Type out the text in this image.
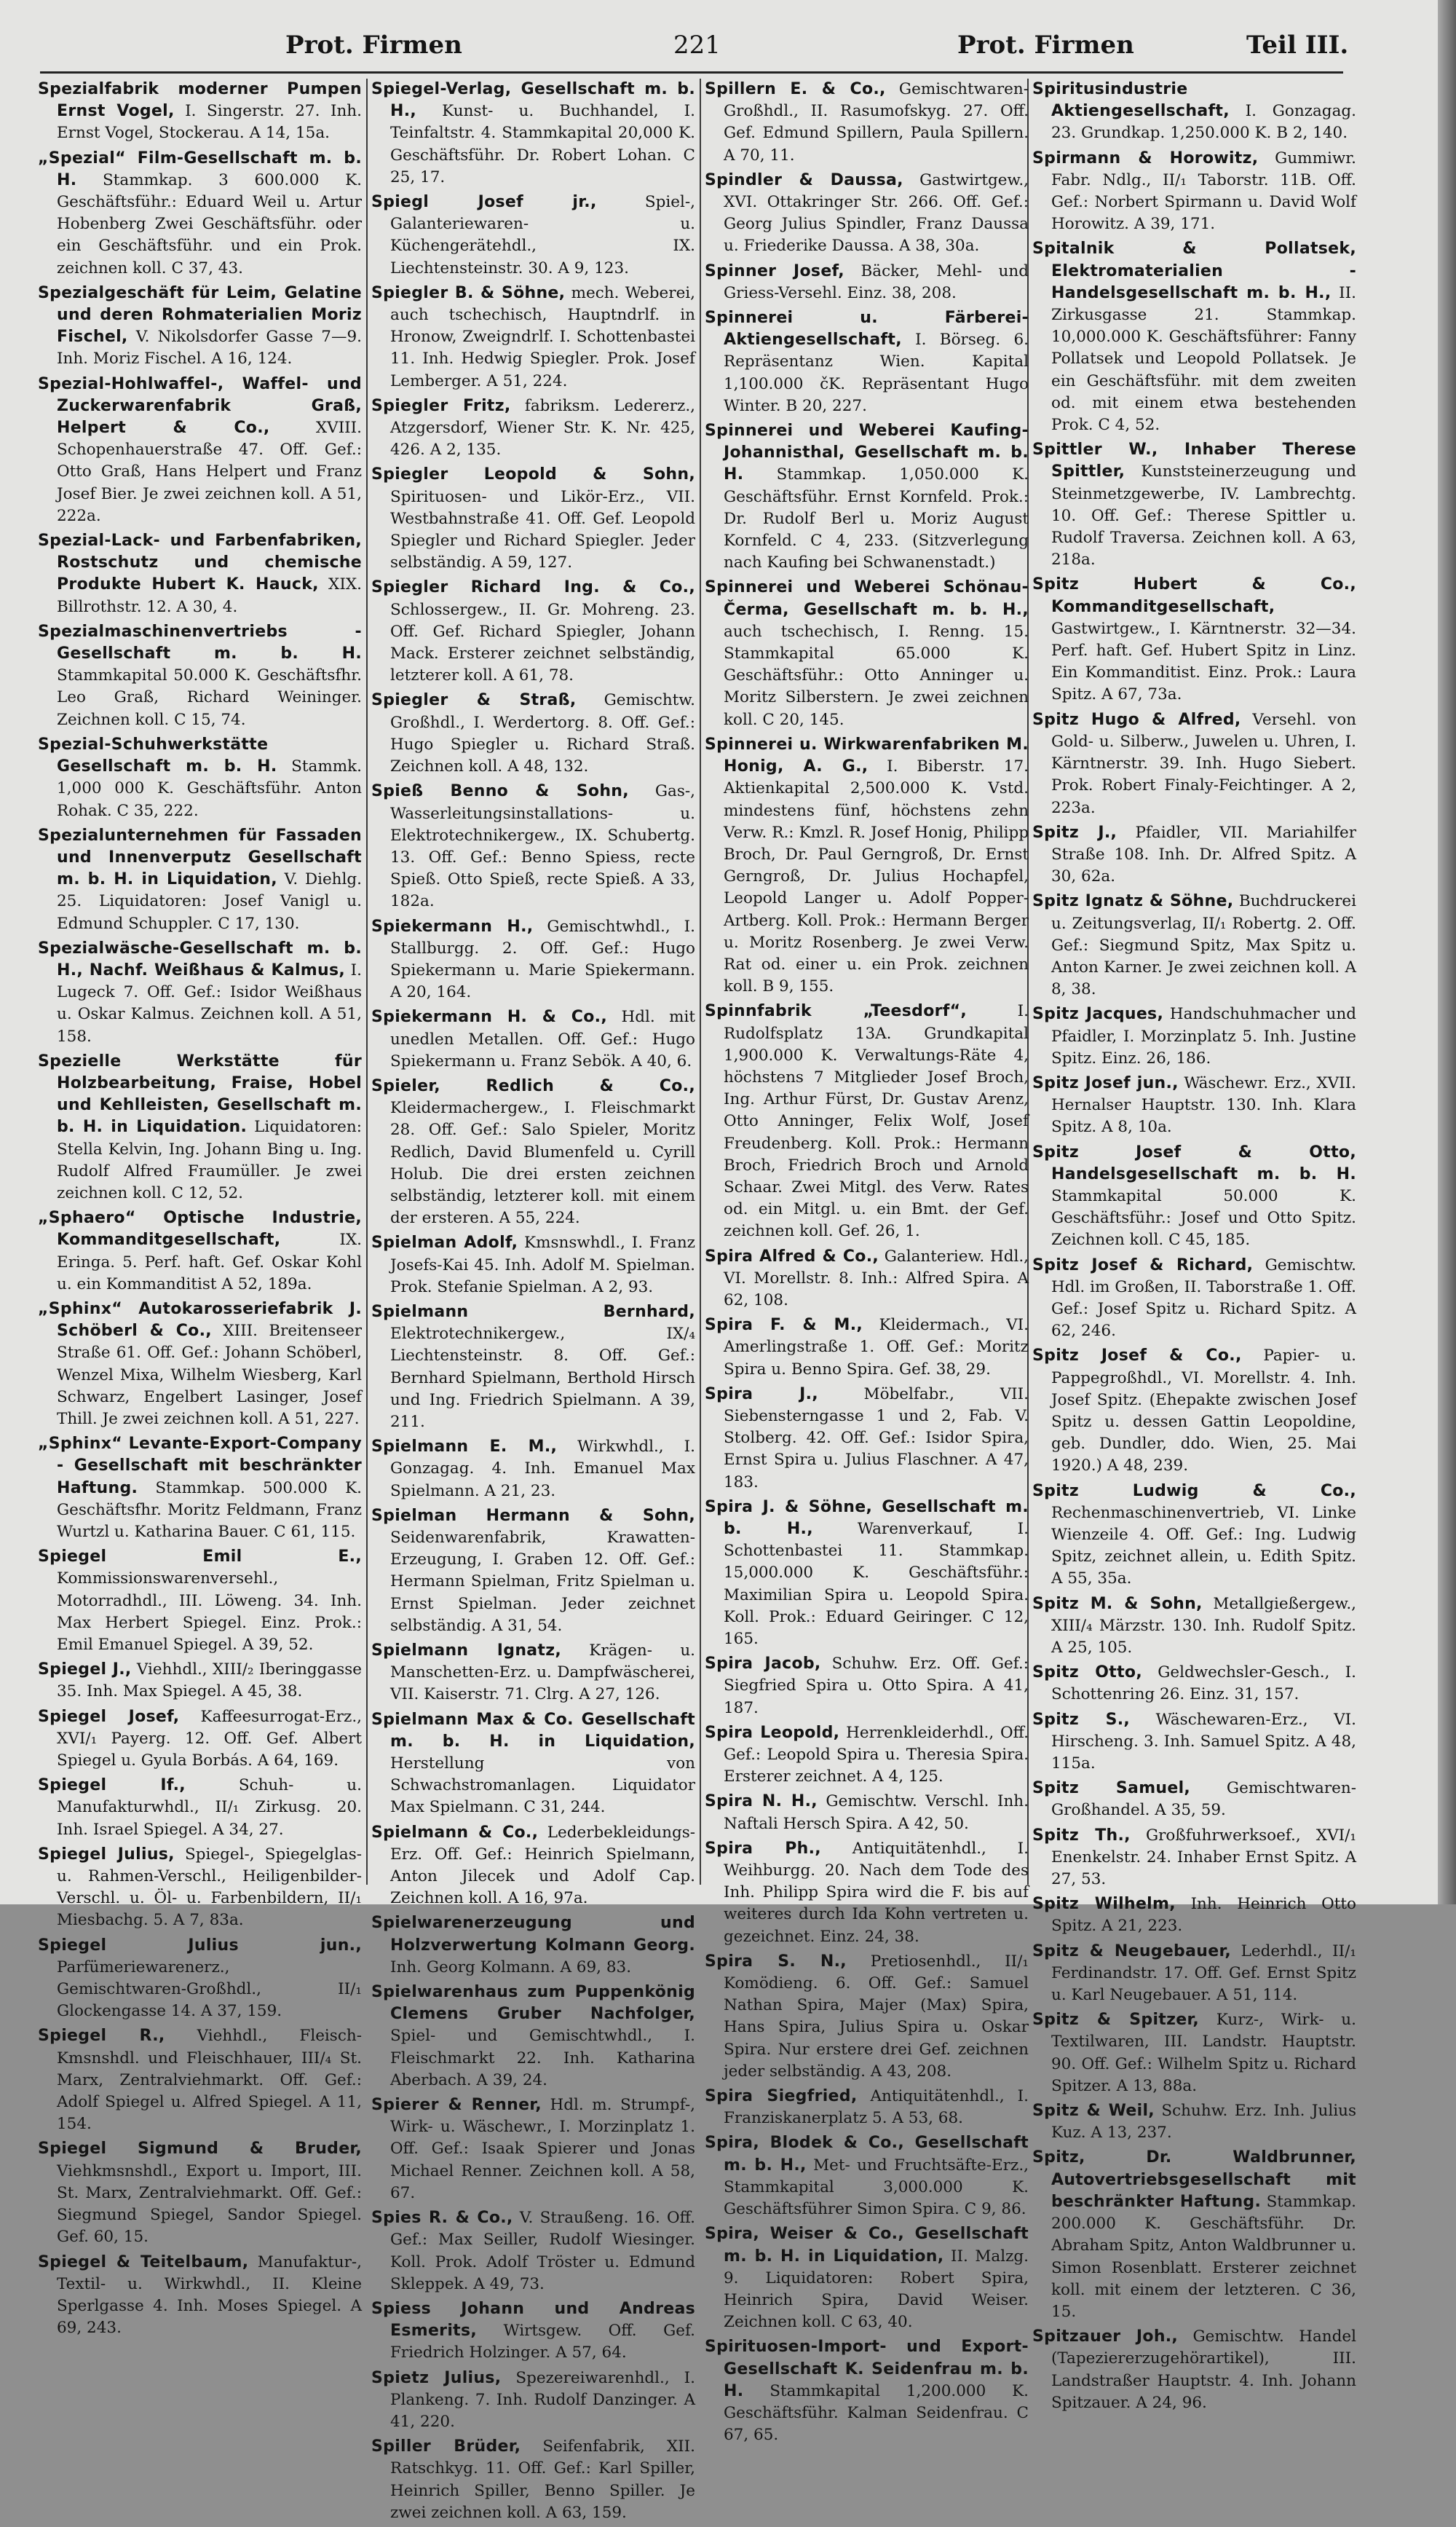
Prot. Firmen	221	Prot. Firmen	Teil III.

Spezialfabrik moderner Pumpen Ernst Vogel, I. Singerstr. 27. Inh. Ernst Vogel, Stockerau. A 14, 15a.

„Spezial“ Film-Gesellschaft m. b. H. Stammkap. 3 600.000 K. Geschäftsführ.: Eduard Weil u. Artur Hobenberg Zwei Geschäftsführ. oder ein Geschäftsführ. und ein Prok. zeichnen koll. C 37, 43.

Spezialgeschäft für Leim, Gelatine und deren Rohmaterialien Moriz Fischel, V. Nikolsdorfer Gasse 7—9. Inh. Moriz Fischel. A 16, 124.

Spezial-Hohlwaffel-, Waffel- und Zuckerwarenfabrik Graß, Helpert & Co., XVIII. Schopenhauerstraße 47. Off. Gef.: Otto Graß, Hans Helpert und Franz Josef Bier. Je zwei zeichnen koll. A 51, 222a.

Spezial-Lack- und Farbenfabriken, Rostschutz und chemische Produkte Hubert K. Hauck, XIX. Billrothstr. 12. A 30, 4.

Spezialmaschinenvertriebs - Gesellschaft m. b. H. Stammkapital 50.000 K. Geschäftsfhr. Leo Graß, Richard Weininger. Zeichnen koll. C 15, 74.

Spezial-Schuhwerkstätte Gesellschaft m. b. H. Stammk. 1,000 000 K. Geschäftsführ. Anton Rohak. C 35, 222.

Spezialunternehmen für Fassaden und Innenverputz Gesellschaft m. b. H. in Liquidation, V. Diehlg. 25. Liquidatoren: Josef Vanigl u. Edmund Schuppler. C 17, 130.

Spezialwäsche-Gesellschaft m. b. H., Nachf. Weißhaus & Kalmus, I. Lugeck 7. Off. Gef.: Isidor Weißhaus u. Oskar Kalmus. Zeichnen koll. A 51, 158.

Spezielle Werkstätte für Holzbearbeitung, Fraise, Hobel und Kehlleisten, Gesellschaft m. b. H. in Liquidation. Liquidatoren: Stella Kelvin, Ing. Johann Bing u. Ing. Rudolf Alfred Fraumüller. Je zwei zeichnen koll. C 12, 52.

„Sphaero“ Optische Industrie, Kommanditgesellschaft, IX. Eringa. 5. Perf. haft. Gef. Oskar Kohl u. ein Kommanditist A 52, 189a.

„Sphinx“ Autokarosseriefabrik J. Schöberl & Co., XIII. Breitenseer Straße 61. Off. Gef.: Johann Schöberl, Wenzel Mixa, Wilhelm Wiesberg, Karl Schwarz, Engelbert Lasinger, Josef Thill. Je zwei zeichnen koll. A 51, 227.

„Sphinx“ Levante-Export-Company - Gesellschaft mit beschränkter Haftung. Stammkap. 500.000 K. Geschäftsfhr. Moritz Feldmann, Franz Wurtzl u. Katharina Bauer. C 61, 115.

Spiegel Emil E., Kommissionswarenversehl., Motorradhdl., III. Löweng. 34. Inh. Max Herbert Spiegel. Einz. Prok.: Emil Emanuel Spiegel. A 39, 52.

Spiegel J., Viehhdl., XIII/₂ Iberinggasse 35. Inh. Max Spiegel. A 45, 38.

Spiegel Josef, Kaffeesurrogat-Erz., XVI/₁ Payerg. 12. Off. Gef. Albert Spiegel u. Gyula Borbás. A 64, 169.

Spiegel If., Schuh- u. Manufakturwhdl., II/₁ Zirkusg. 20. Inh. Israel Spiegel. A 34, 27.

Spiegel Julius, Spiegel-, Spiegelglas- u. Rahmen-Verschl., Heiligenbilder-Verschl. u. Öl- u. Farbenbildern, II/₁ Miesbachg. 5. A 7, 83a.

Spiegel Julius jun., Parfümeriewarenerz., Gemischtwaren-Großhdl., II/₁ Glockengasse 14. A 37, 159.

Spiegel R., Viehhdl., Fleisch-Kmsnshdl. und Fleischhauer, III/₄ St. Marx, Zentralviehmarkt. Off. Gef.: Adolf Spiegel u. Alfred Spiegel. A 11, 154.

Spiegel Sigmund & Bruder, Viehkmsnshdl., Export u. Import, III. St. Marx, Zentralviehmarkt. Off. Gef.: Siegmund Spiegel, Sandor Spiegel. Gef. 60, 15.

Spiegel & Teitelbaum, Manufaktur-, Textil- u. Wirkwhdl., II. Kleine Sperlgasse 4. Inh. Moses Spiegel. A 69, 243.

Spiegel-Verlag, Gesellschaft m. b. H., Kunst- u. Buchhandel, I. Teinfaltstr. 4. Stammkapital 20,000 K. Geschäftsführ. Dr. Robert Lohan. C 25, 17.

Spiegl Josef jr., Spiel-, Galanteriewaren- u. Küchengerätehdl., IX. Liechtensteinstr. 30. A 9, 123.

Spiegler B. & Söhne, mech. Weberei, auch tschechisch, Hauptndrlf. in Hronow, Zweigndrlf. I. Schottenbastei 11. Inh. Hedwig Spiegler. Prok. Josef Lemberger. A 51, 224.

Spiegler Fritz, fabriksm. Ledererz., Atzgersdorf, Wiener Str. K. Nr. 425, 426. A 2, 135.

Spiegler Leopold & Sohn, Spirituosen- und Likör-Erz., VII. Westbahnstraße 41. Off. Gef. Leopold Spiegler und Richard Spiegler. Jeder selbständig. A 59, 127.

Spiegler Richard Ing. & Co., Schlossergew., II. Gr. Mohreng. 23. Off. Gef. Richard Spiegler, Johann Mack. Ersterer zeichnet selbständig, letzterer koll. A 61, 78.

Spiegler & Straß, Gemischtw. Großhdl., I. Werdertorg. 8. Off. Gef.: Hugo Spiegler u. Richard Straß. Zeichnen koll. A 48, 132.

Spieß Benno & Sohn, Gas-, Wasserleitungsinstallations- u. Elektrotechnikergew., IX. Schubertg. 13. Off. Gef.: Benno Spiess, recte Spieß. Otto Spieß, recte Spieß. A 33, 182a.

Spiekermann H., Gemischtwhdl., I. Stallburgg. 2. Off. Gef.: Hugo Spiekermann u. Marie Spiekermann. A 20, 164.

Spiekermann H. & Co., Hdl. mit unedlen Metallen. Off. Gef.: Hugo Spiekermann u. Franz Sebök. A 40, 6.

Spieler, Redlich & Co., Kleidermachergew., I. Fleischmarkt 28. Off. Gef.: Salo Spieler, Moritz Redlich, David Blumenfeld u. Cyrill Holub. Die drei ersten zeichnen selbständig, letzterer koll. mit einem der ersteren. A 55, 224.

Spielman Adolf, Kmsnswhdl., I. Franz Josefs-Kai 45. Inh. Adolf M. Spielman. Prok. Stefanie Spielman. A 2, 93.

Spielmann Bernhard, Elektrotechnikergew., IX/₄ Liechtensteinstr. 8. Off. Gef.: Bernhard Spielmann, Berthold Hirsch und Ing. Friedrich Spielmann. A 39, 211.

Spielmann E. M., Wirkwhdl., I. Gonzagag. 4. Inh. Emanuel Max Spielmann. A 21, 23.

Spielman Hermann & Sohn, Seidenwarenfabrik, Krawatten-Erzeugung, I. Graben 12. Off. Gef.: Hermann Spielman, Fritz Spielman u. Ernst Spielman. Jeder zeichnet selbständig. A 31, 54.

Spielmann Ignatz, Krägen- u. Manschetten-Erz. u. Dampfwäscherei, VII. Kaiserstr. 71. Clrg. A 27, 126.

Spielmann Max & Co. Gesellschaft m. b. H. in Liquidation, Herstellung von Schwachstromanlagen. Liquidator Max Spielmann. C 31, 244.

Spielmann & Co., Lederbekleidungs-Erz. Off. Gef.: Heinrich Spielmann, Anton Jilecek und Adolf Cap. Zeichnen koll. A 16, 97a.

Spielwarenerzeugung und Holzverwertung Kolmann Georg. Inh. Georg Kolmann. A 69, 83.

Spielwarenhaus zum Puppenkönig Clemens Gruber Nachfolger, Spiel- und Gemischtwhdl., I. Fleischmarkt 22. Inh. Katharina Aberbach. A 39, 24.

Spierer & Renner, Hdl. m. Strumpf-, Wirk- u. Wäschewr., I. Morzinplatz 1. Off. Gef.: Isaak Spierer und Jonas Michael Renner. Zeichnen koll. A 58, 67.

Spies R. & Co., V. Straußeng. 16. Off. Gef.: Max Seiller, Rudolf Wiesinger. Koll. Prok. Adolf Tröster u. Edmund Skleppek. A 49, 73.

Spiess Johann und Andreas Esmerits, Wirtsgew. Off. Gef. Friedrich Holzinger. A 57, 64.

Spietz Julius, Spezereiwarenhdl., I. Plankeng. 7. Inh. Rudolf Danzinger. A 41, 220.

Spiller Brüder, Seifenfabrik, XII. Ratschkyg. 11. Off. Gef.: Karl Spiller, Heinrich Spiller, Benno Spiller. Je zwei zeichnen koll. A 63, 159.

Spillern E. & Co., Gemischtwaren-Großhdl., II. Rasumofskyg. 27. Off. Gef. Edmund Spillern, Paula Spillern. A 70, 11.

Spindler & Daussa, Gastwirtgew., XVI. Ottakringer Str. 266. Off. Gef.: Georg Julius Spindler, Franz Daussa u. Friederike Daussa. A 38, 30a.

Spinner Josef, Bäcker, Mehl- und Griess-Versehl. Einz. 38, 208.

Spinnerei u. Färberei-Aktiengesellschaft, I. Börseg. 6. Repräsentanz Wien. Kapital 1,100.000 čK. Repräsentant Hugo Winter. B 20, 227.

Spinnerei und Weberei Kaufing-Johannisthal, Gesellschaft m. b. H. Stammkap. 1,050.000 K. Geschäftsführ. Ernst Kornfeld. Prok.: Dr. Rudolf Berl u. Moriz August Kornfeld. C 4, 233. (Sitzverlegung nach Kaufing bei Schwanenstadt.)

Spinnerei und Weberei Schönau-Čerma, Gesellschaft m. b. H., auch tschechisch, I. Renng. 15. Stammkapital 65.000 K. Geschäftsführ.: Otto Anninger u. Moritz Silberstern. Je zwei zeichnen koll. C 20, 145.

Spinnerei u. Wirkwarenfabriken M. Honig, A. G., I. Biberstr. 17. Aktienkapital 2,500.000 K. Vstd. mindestens fünf, höchstens zehn Verw. R.: Kmzl. R. Josef Honig, Philipp Broch, Dr. Paul Gerngroß, Dr. Ernst Gerngroß, Dr. Julius Hochapfel, Leopold Langer u. Adolf Popper-Artberg. Koll. Prok.: Hermann Berger u. Moritz Rosenberg. Je zwei Verw. Rat od. einer u. ein Prok. zeichnen koll. B 9, 155.

Spinnfabrik „Teesdorf“, I. Rudolfsplatz 13A. Grundkapital 1,900.000 K. Verwaltungs-Räte 4, höchstens 7 Mitglieder Josef Broch, Ing. Arthur Fürst, Dr. Gustav Arenz, Otto Anninger, Felix Wolf, Josef Freudenberg. Koll. Prok.: Hermann Broch, Friedrich Broch und Arnold Schaar. Zwei Mitgl. des Verw. Rates od. ein Mitgl. u. ein Bmt. der Gef. zeichnen koll. Gef. 26, 1.

Spira Alfred & Co., Galanteriew. Hdl., VI. Morellstr. 8. Inh.: Alfred Spira. A 62, 108.

Spira F. & M., Kleidermach., VI. Amerlingstraße 1. Off. Gef.: Moritz Spira u. Benno Spira. Gef. 38, 29.

Spira J., Möbelfabr., VII. Siebensterngasse 1 und 2, Fab. V. Stolberg. 42. Off. Gef.: Isidor Spira, Ernst Spira u. Julius Flaschner. A 47, 183.

Spira J. & Söhne, Gesellschaft m. b. H., Warenverkauf, I. Schottenbastei 11. Stammkap. 15,000.000 K. Geschäftsführ.: Maximilian Spira u. Leopold Spira. Koll. Prok.: Eduard Geiringer. C 12, 165.

Spira Jacob, Schuhw. Erz. Off. Gef.: Siegfried Spira u. Otto Spira. A 41, 187.

Spira Leopold, Herrenkleiderhdl., Off. Gef.: Leopold Spira u. Theresia Spira. Ersterer zeichnet. A 4, 125.

Spira N. H., Gemischtw. Verschl. Inh. Naftali Hersch Spira. A 42, 50.

Spira Ph., Antiquitätenhdl., I. Weihburgg. 20. Nach dem Tode des Inh. Philipp Spira wird die F. bis auf weiteres durch Ida Kohn vertreten u. gezeichnet. Einz. 24, 38.

Spira S. N., Pretiosenhdl., II/₁ Komödieng. 6. Off. Gef.: Samuel Nathan Spira, Majer (Max) Spira, Hans Spira, Julius Spira u. Oskar Spira. Nur erstere drei Gef. zeichnen jeder selbständig. A 43, 208.

Spira Siegfried, Antiquitätenhdl., I. Franziskanerplatz 5. A 53, 68.

Spira, Blodek & Co., Gesellschaft m. b. H., Met- und Fruchtsäfte-Erz., Stammkapital 3,000.000 K. Geschäftsführer Simon Spira. C 9, 86.

Spira, Weiser & Co., Gesellschaft m. b. H. in Liquidation, II. Malzg. 9. Liquidatoren: Robert Spira, Heinrich Spira, David Weiser. Zeichnen koll. C 63, 40.

Spirituosen-Import- und Export-Gesellschaft K. Seidenfrau m. b. H. Stammkapital 1,200.000 K. Geschäftsführ. Kalman Seidenfrau. C 67, 65.

Spiritusindustrie Aktiengesellschaft, I. Gonzagag. 23. Grundkap. 1,250.000 K. B 2, 140.

Spirmann & Horowitz, Gummiwr. Fabr. Ndlg., II/₁ Taborstr. 11B. Off. Gef.: Norbert Spirmann u. David Wolf Horowitz. A 39, 171.

Spitalnik & Pollatsek, Elektromaterialien - Handelsgesellschaft m. b. H., II. Zirkusgasse 21. Stammkap. 10,000.000 K. Geschäftsführer: Fanny Pollatsek und Leopold Pollatsek. Je ein Geschäftsführ. mit dem zweiten od. mit einem etwa bestehenden Prok. C 4, 52.

Spittler W., Inhaber Therese Spittler, Kunststeinerzeugung und Steinmetzgewerbe, IV. Lambrechtg. 10. Off. Gef.: Therese Spittler u. Rudolf Traversa. Zeichnen koll. A 63, 218a.

Spitz Hubert & Co., Kommanditgesellschaft, Gastwirtgew., I. Kärntnerstr. 32—34. Perf. haft. Gef. Hubert Spitz in Linz. Ein Kommanditist. Einz. Prok.: Laura Spitz. A 67, 73a.

Spitz Hugo & Alfred, Versehl. von Gold- u. Silberw., Juwelen u. Uhren, I. Kärntnerstr. 39. Inh. Hugo Siebert. Prok. Robert Finaly-Feichtinger. A 2, 223a.

Spitz J., Pfaidler, VII. Mariahilfer Straße 108. Inh. Dr. Alfred Spitz. A 30, 62a.

Spitz Ignatz & Söhne, Buchdruckerei u. Zeitungsverlag, II/₁ Robertg. 2. Off. Gef.: Siegmund Spitz, Max Spitz u. Anton Karner. Je zwei zeichnen koll. A 8, 38.

Spitz Jacques, Handschuhmacher und Pfaidler, I. Morzinplatz 5. Inh. Justine Spitz. Einz. 26, 186.

Spitz Josef jun., Wäschewr. Erz., XVII. Hernalser Hauptstr. 130. Inh. Klara Spitz. A 8, 10a.

Spitz Josef & Otto, Handelsgesellschaft m. b. H. Stammkapital 50.000 K. Geschäftsführ.: Josef und Otto Spitz. Zeichnen koll. C 45, 185.

Spitz Josef & Richard, Gemischtw. Hdl. im Großen, II. Taborstraße 1. Off. Gef.: Josef Spitz u. Richard Spitz. A 62, 246.

Spitz Josef & Co., Papier- u. Pappegroßhdl., VI. Morellstr. 4. Inh. Josef Spitz. (Ehepakte zwischen Josef Spitz u. dessen Gattin Leopoldine, geb. Dundler, ddo. Wien, 25. Mai 1920.) A 48, 239.

Spitz Ludwig & Co., Rechenmaschinenvertrieb, VI. Linke Wienzeile 4. Off. Gef.: Ing. Ludwig Spitz, zeichnet allein, u. Edith Spitz. A 55, 35a.

Spitz M. & Sohn, Metallgießergew., XIII/₄ Märzstr. 130. Inh. Rudolf Spitz. A 25, 105.

Spitz Otto, Geldwechsler-Gesch., I. Schottenring 26. Einz. 31, 157.

Spitz S., Wäschewaren-Erz., VI. Hirscheng. 3. Inh. Samuel Spitz. A 48, 115a.

Spitz Samuel, Gemischtwaren-Großhandel. A 35, 59.

Spitz Th., Großfuhrwerksoef., XVI/₁ Enenkelstr. 24. Inhaber Ernst Spitz. A 27, 53.

Spitz Wilhelm, Inh. Heinrich Otto Spitz. A 21, 223.

Spitz & Neugebauer, Lederhdl., II/₁ Ferdinandstr. 17. Off. Gef. Ernst Spitz u. Karl Neugebauer. A 51, 114.

Spitz & Spitzer, Kurz-, Wirk- u. Textilwaren, III. Landstr. Hauptstr. 90. Off. Gef.: Wilhelm Spitz u. Richard Spitzer. A 13, 88a.

Spitz & Weil, Schuhw. Erz. Inh. Julius Kuz. A 13, 237.

Spitz, Dr. Waldbrunner, Autovertriebsgesellschaft mit beschränkter Haftung. Stammkap. 200.000 K. Geschäftsführ. Dr. Abraham Spitz, Anton Waldbrunner u. Simon Rosenblatt. Ersterer zeichnet koll. mit einem der letzteren. C 36, 15.

Spitzauer Joh., Gemischtw. Handel (Tapeziererzugehörartikel), III. Landstraßer Hauptstr. 4. Inh. Johann Spitzauer. A 24, 96.
